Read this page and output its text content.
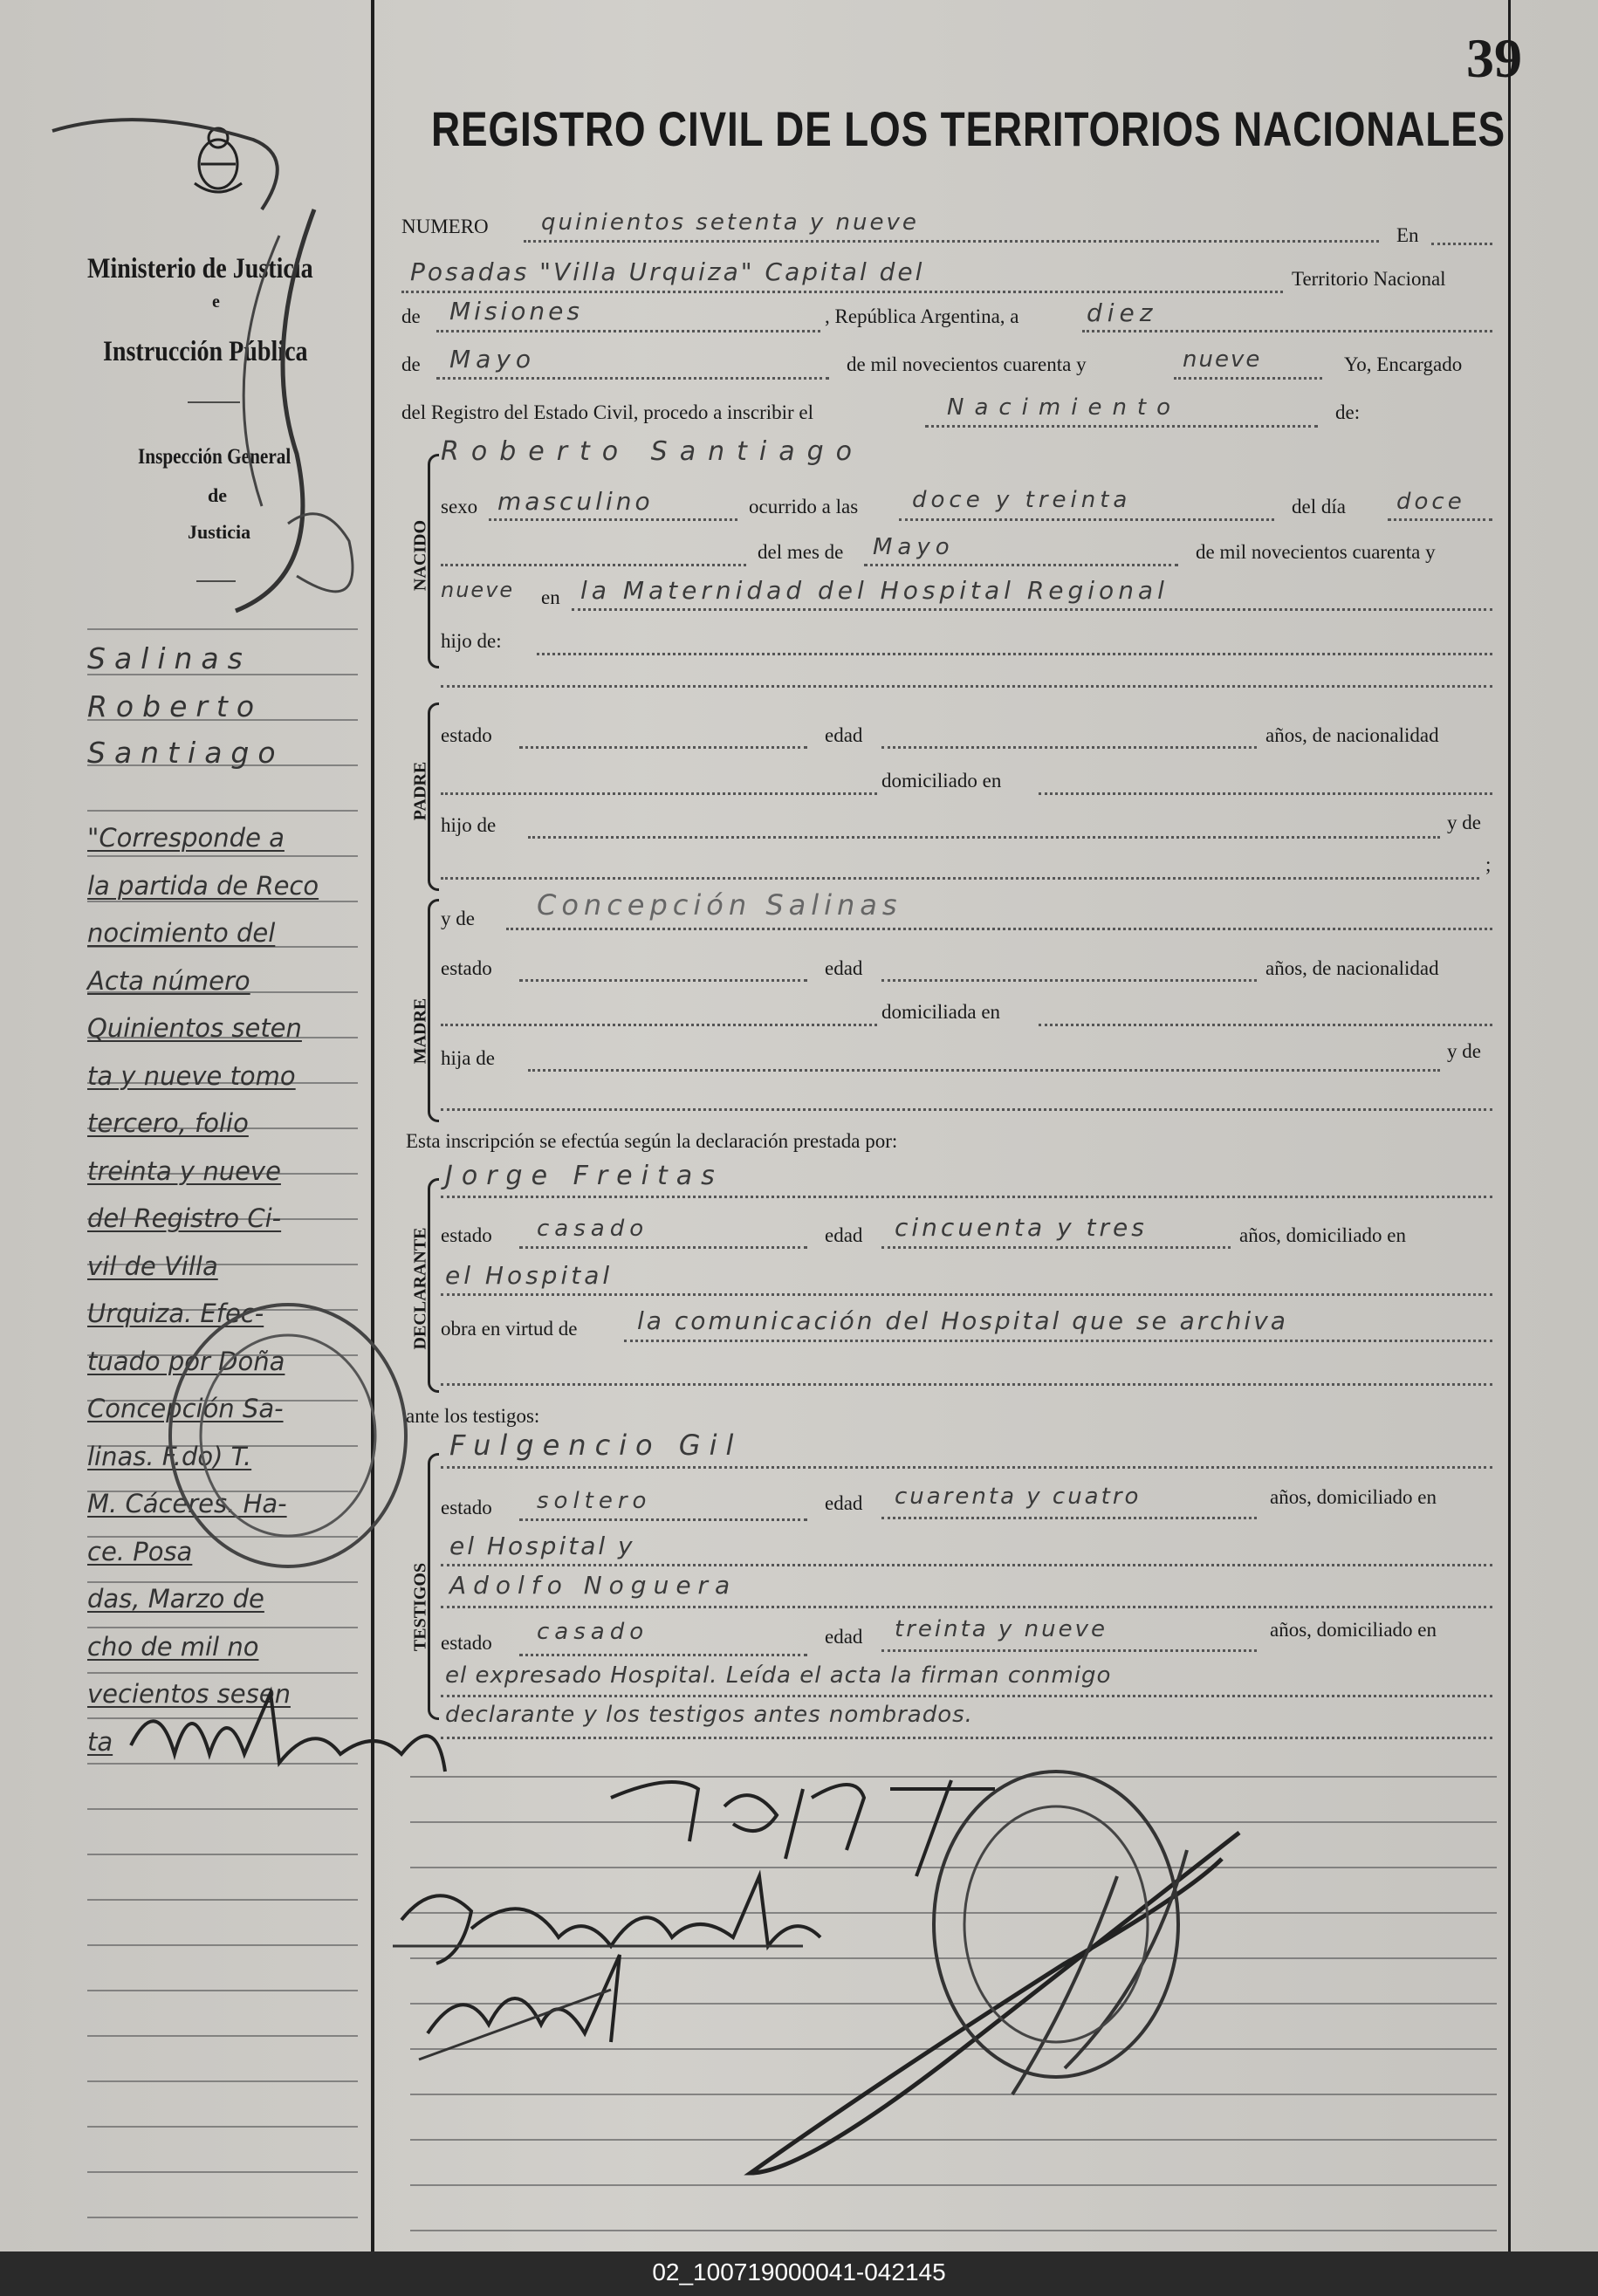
39
REGISTRO CIVIL DE LOS TERRITORIOS NACIONALES
Ministerio de Justicia
e
Instrucción Pública
Inspección General
de
Justicia
Salinas
Roberto
Santiago
"Corresponde a
la partida de Reco
nocimiento del
Acta número
Quinientos seten
ta y nueve tomo
tercero, folio
treinta y nueve
del Registro Ci-
vil de Villa
Urquiza. Efec-
tuado por Doña
Concepción Sa-
linas. F.do) T.
M. Cáceres. Ha-
ce. Posa
das, Marzo de
cho de mil no
vecientos sesen
ta
NUMERO quinientos setenta y nueve	En
Posadas "Villa Urquiza" Capital del	Territorio Nacional
de Misiones	, República Argentina, a	diez
de Mayo	de mil novecientos cuarenta y	nueve	Yo, Encargado
del Registro del Estado Civil, procedo a inscribir el	Nacimiento	de:
NACIDO
Roberto Santiago
sexo masculino	ocurrido a las doce y treinta	del día doce
del mes de Mayo	de mil novecientos cuarenta y
nueve en la Maternidad del Hospital Regional
hijo de:
PADRE
estado	edad	años, de nacionalidad
domiciliado en
hijo de	y de
;
MADRE
y de Concepción Salinas
estado	edad	años, de nacionalidad
domiciliada en
hija de	y de
Esta inscripción se efectúa según la declaración prestada por:
DECLARANTE
Jorge Freitas
estado casado	edad cincuenta y tres	años, domiciliado en
el Hospital
obra en virtud de la comunicación del Hospital que se archiva
ante los testigos:
TESTIGOS
Fulgencio Gil
estado soltero	edad cuarenta y cuatro	años, domiciliado en
el Hospital y
Adolfo Noguera
estado casado	edad treinta y nueve	años, domiciliado en
el expresado Hospital. Leída el acta la firman conmigo
declarante y los testigos antes nombrados.
02_100719000041-042145
